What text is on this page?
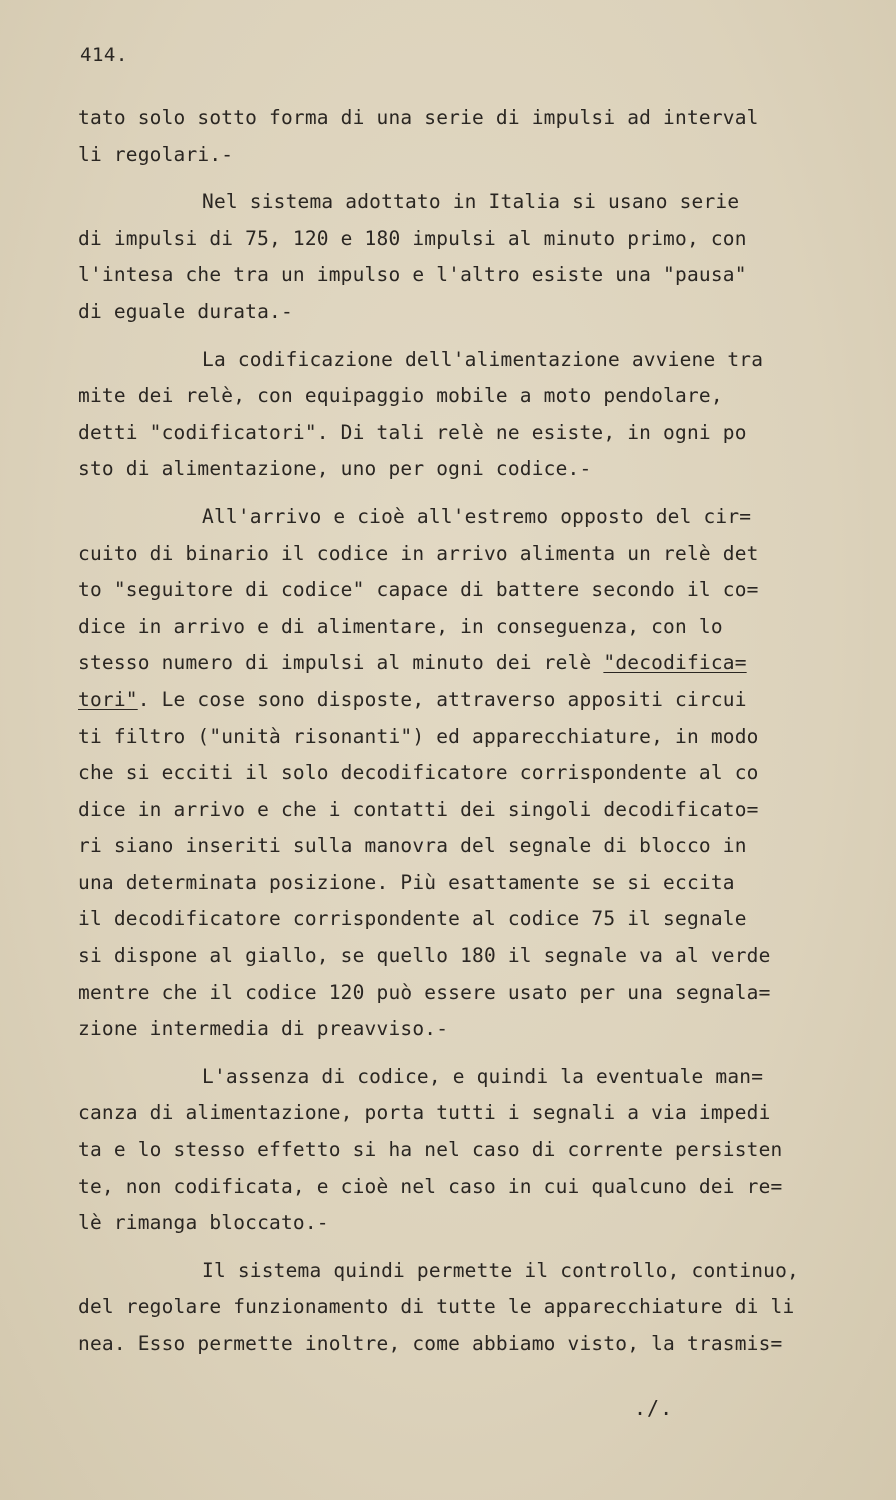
414.
tato solo sotto forma di una serie di impulsi ad interval
li regolari.-
Nel sistema adottato in Italia si usano serie
di impulsi di 75, 120 e 180 impulsi al minuto primo, con
l'intesa che tra un impulso e l'altro esiste una "pausa"
di eguale durata.-
La codificazione dell'alimentazione avviene tra
mite dei relè, con equipaggio mobile a moto pendolare,
detti "codificatori". Di tali relè ne esiste, in ogni po
sto di alimentazione, uno per ogni codice.-
All'arrivo e cioè all'estremo opposto del cir=
cuito di binario il codice in arrivo alimenta un relè det
to "seguitore di codice" capace di battere secondo il co=
dice in arrivo e di alimentare, in conseguenza, con lo
stesso numero di impulsi al minuto dei relè "decodifica=
tori". Le cose sono disposte, attraverso appositi circui
ti filtro ("unità risonanti") ed apparecchiature, in modo
che si ecciti il solo decodificatore corrispondente al co
dice in arrivo e che i contatti dei singoli decodificato=
ri siano inseriti sulla manovra del segnale di blocco in
una determinata posizione. Più esattamente se si eccita
il decodificatore corrispondente al codice 75 il segnale
si dispone al giallo, se quello 180 il segnale va al verde
mentre che il codice 120 può essere usato per una segnala=
zione intermedia di preavviso.-
L'assenza di codice, e quindi la eventuale man=
canza di alimentazione, porta tutti i segnali a via impedi
ta e lo stesso effetto si ha nel caso di corrente persisten
te, non codificata, e cioè nel caso in cui qualcuno dei re=
lè rimanga bloccato.-
Il sistema quindi permette il controllo, continuo,
del regolare funzionamento di tutte le apparecchiature di li
nea. Esso permette inoltre, come abbiamo visto, la trasmis=
./.
